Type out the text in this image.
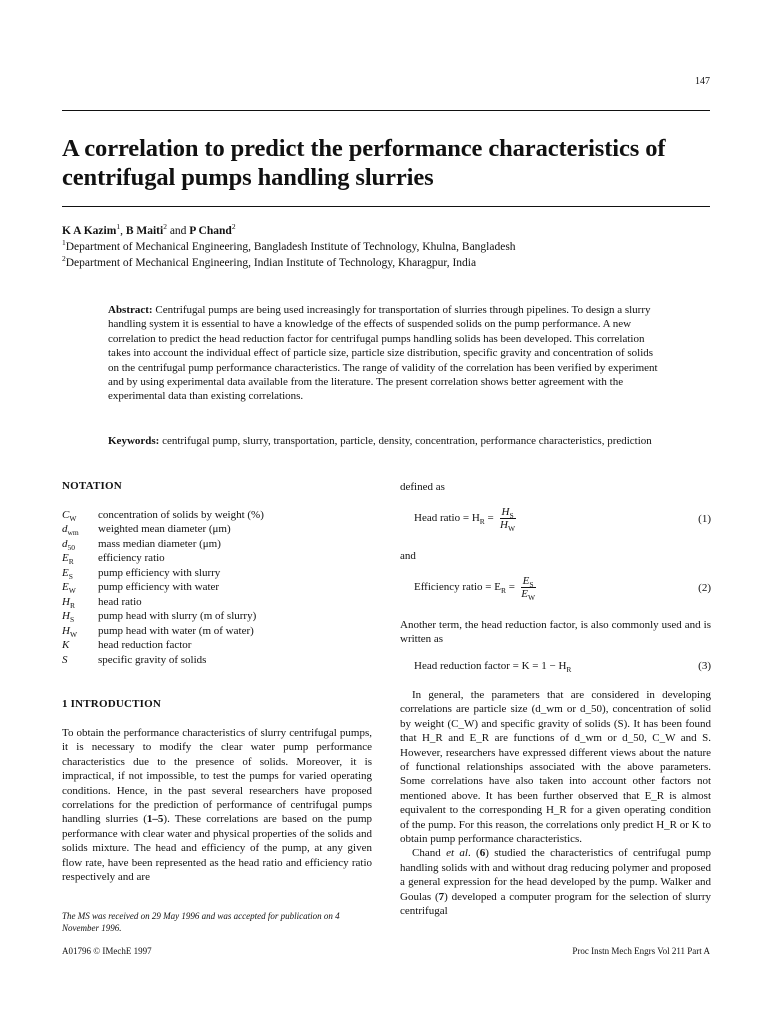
147
A correlation to predict the performance characteristics of centrifugal pumps handling slurries
K A Kazim$^1$, B Maiti$^2$ and P Chand$^2$
$^1$Department of Mechanical Engineering, Bangladesh Institute of Technology, Khulna, Bangladesh
$^2$Department of Mechanical Engineering, Indian Institute of Technology, Kharagpur, India
Abstract: Centrifugal pumps are being used increasingly for transportation of slurries through pipelines. To design a slurry handling system it is essential to have a knowledge of the effects of suspended solids on the pump performance. A new correlation to predict the head reduction factor for centrifugal pumps handling solids has been developed. This correlation takes into account the individual effect of particle size, particle size distribution, specific gravity and concentration of solids on the centrifugal pump performance characteristics. The range of validity of the correlation has been verified by experiment and by using experimental data available from the literature. The present correlation shows better agreement with the experimental data than existing correlations.
Keywords: centrifugal pump, slurry, transportation, particle, density, concentration, performance characteristics, prediction
NOTATION
$C_W$	concentration of solids by weight (%)
$d_{wm}$	weighted mean diameter (μm)
$d_{50}$	mass median diameter (μm)
$E_R$	efficiency ratio
$E_S$	pump efficiency with slurry
$E_W$	pump efficiency with water
$H_R$	head ratio
$H_S$	pump head with slurry (m of slurry)
$H_W$	pump head with water (m of water)
K	head reduction factor
S	specific gravity of solids
1 INTRODUCTION

To obtain the performance characteristics of slurry centrifugal pumps, it is necessary to modify the clear water pump performance characteristics due to the presence of solids. Moreover, it is impractical, if not impossible, to test the pumps for varied operating conditions. Hence, in the past several researchers have proposed correlations for the prediction of performance of centrifugal pumps handling slurries (1–5). These correlations are based on the pump performance with clear water and physical properties of the solids and solids mixture. The head and efficiency of the pump, at any given flow rate, have been represented as the head ratio and efficiency ratio respectively and are

The MS was received on 29 May 1996 and was accepted for publication on 4 November 1996.
A01796 © IMechE 1997	Proc Instn Mech Engrs Vol 211 Part A
defined as
Head ratio = $H_R = \frac{H_S}{H_W}$	(1)
and
Efficiency ratio = $E_R = \frac{E_S}{E_W}$	(2)
Another term, the head reduction factor, is also commonly used and is written as
Head reduction factor = $K = 1 - H_R$	(3)

In general, the parameters that are considered in developing correlations are particle size (d_wm or d_50), concentration of solid by weight (C_W) and specific gravity of solids (S). It has been found that H_R and E_R are functions of d_wm or d_50, C_W and S. However, researchers have expressed different views about the nature of functional relationships associated with the above parameters. Some correlations have also taken into account other factors not mentioned above. It has been further observed that E_R is almost equivalent to the corresponding H_R for a given operating condition of the pump. For this reason, the correlations only predict H_R or K to obtain pump performance characteristics.

Chand et al. (6) studied the characteristics of centrifugal pump handling solids with and without drag reducing polymer and proposed a general expression for the head developed by the pump. Walker and Goulas (7) developed a computer program for the selection of slurry centrifugal
